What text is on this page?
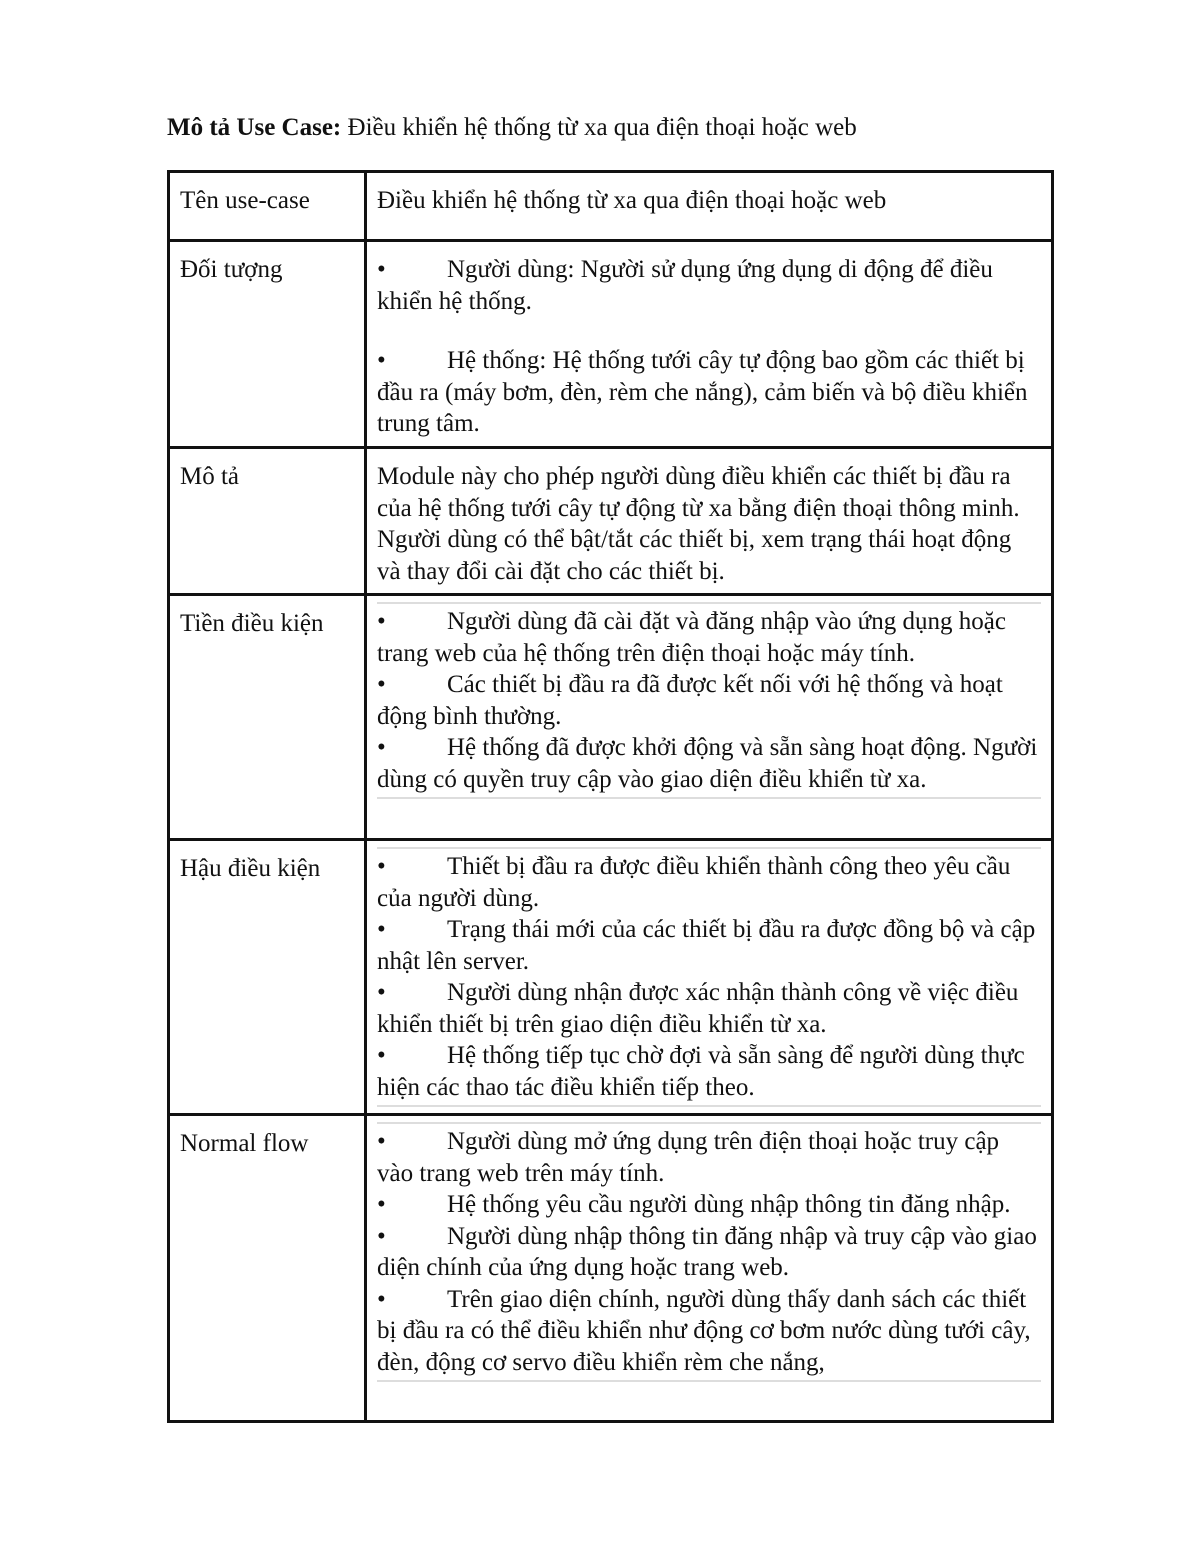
Mô tả Use Case: Điều khiển hệ thống từ xa qua điện thoại hoặc web
Tên use-case	Điều khiển hệ thống từ xa qua điện thoại hoặc web

Đối tượng	• Người dùng: Người sử dụng ứng dụng di động để điều khiển hệ thống.

• Hệ thống: Hệ thống tưới cây tự động bao gồm các thiết bị đầu ra (máy bơm, đèn, rèm che nắng), cảm biến và bộ điều khiển trung tâm.

Mô tả	Module này cho phép người dùng điều khiển các thiết bị đầu ra của hệ thống tưới cây tự động từ xa bằng điện thoại thông minh. Người dùng có thể bật/tắt các thiết bị, xem trạng thái hoạt động và thay đổi cài đặt cho các thiết bị.

Tiền điều kiện	• Người dùng đã cài đặt và đăng nhập vào ứng dụng hoặc trang web của hệ thống trên điện thoại hoặc máy tính.

• Các thiết bị đầu ra đã được kết nối với hệ thống và hoạt động bình thường.

• Hệ thống đã được khởi động và sẵn sàng hoạt động. Người dùng có quyền truy cập vào giao diện điều khiển từ xa.

Hậu điều kiện	• Thiết bị đầu ra được điều khiển thành công theo yêu cầu của người dùng.

• Trạng thái mới của các thiết bị đầu ra được đồng bộ và cập nhật lên server.

• Người dùng nhận được xác nhận thành công về việc điều khiển thiết bị trên giao diện điều khiển từ xa.

• Hệ thống tiếp tục chờ đợi và sẵn sàng để người dùng thực hiện các thao tác điều khiển tiếp theo.

Normal flow	• Người dùng mở ứng dụng trên điện thoại hoặc truy cập vào trang web trên máy tính.

• Hệ thống yêu cầu người dùng nhập thông tin đăng nhập.

• Người dùng nhập thông tin đăng nhập và truy cập vào giao diện chính của ứng dụng hoặc trang web.

• Trên giao diện chính, người dùng thấy danh sách các thiết bị đầu ra có thể điều khiển như động cơ bơm nước dùng tưới cây, đèn, động cơ servo điều khiển rèm che nắng,
